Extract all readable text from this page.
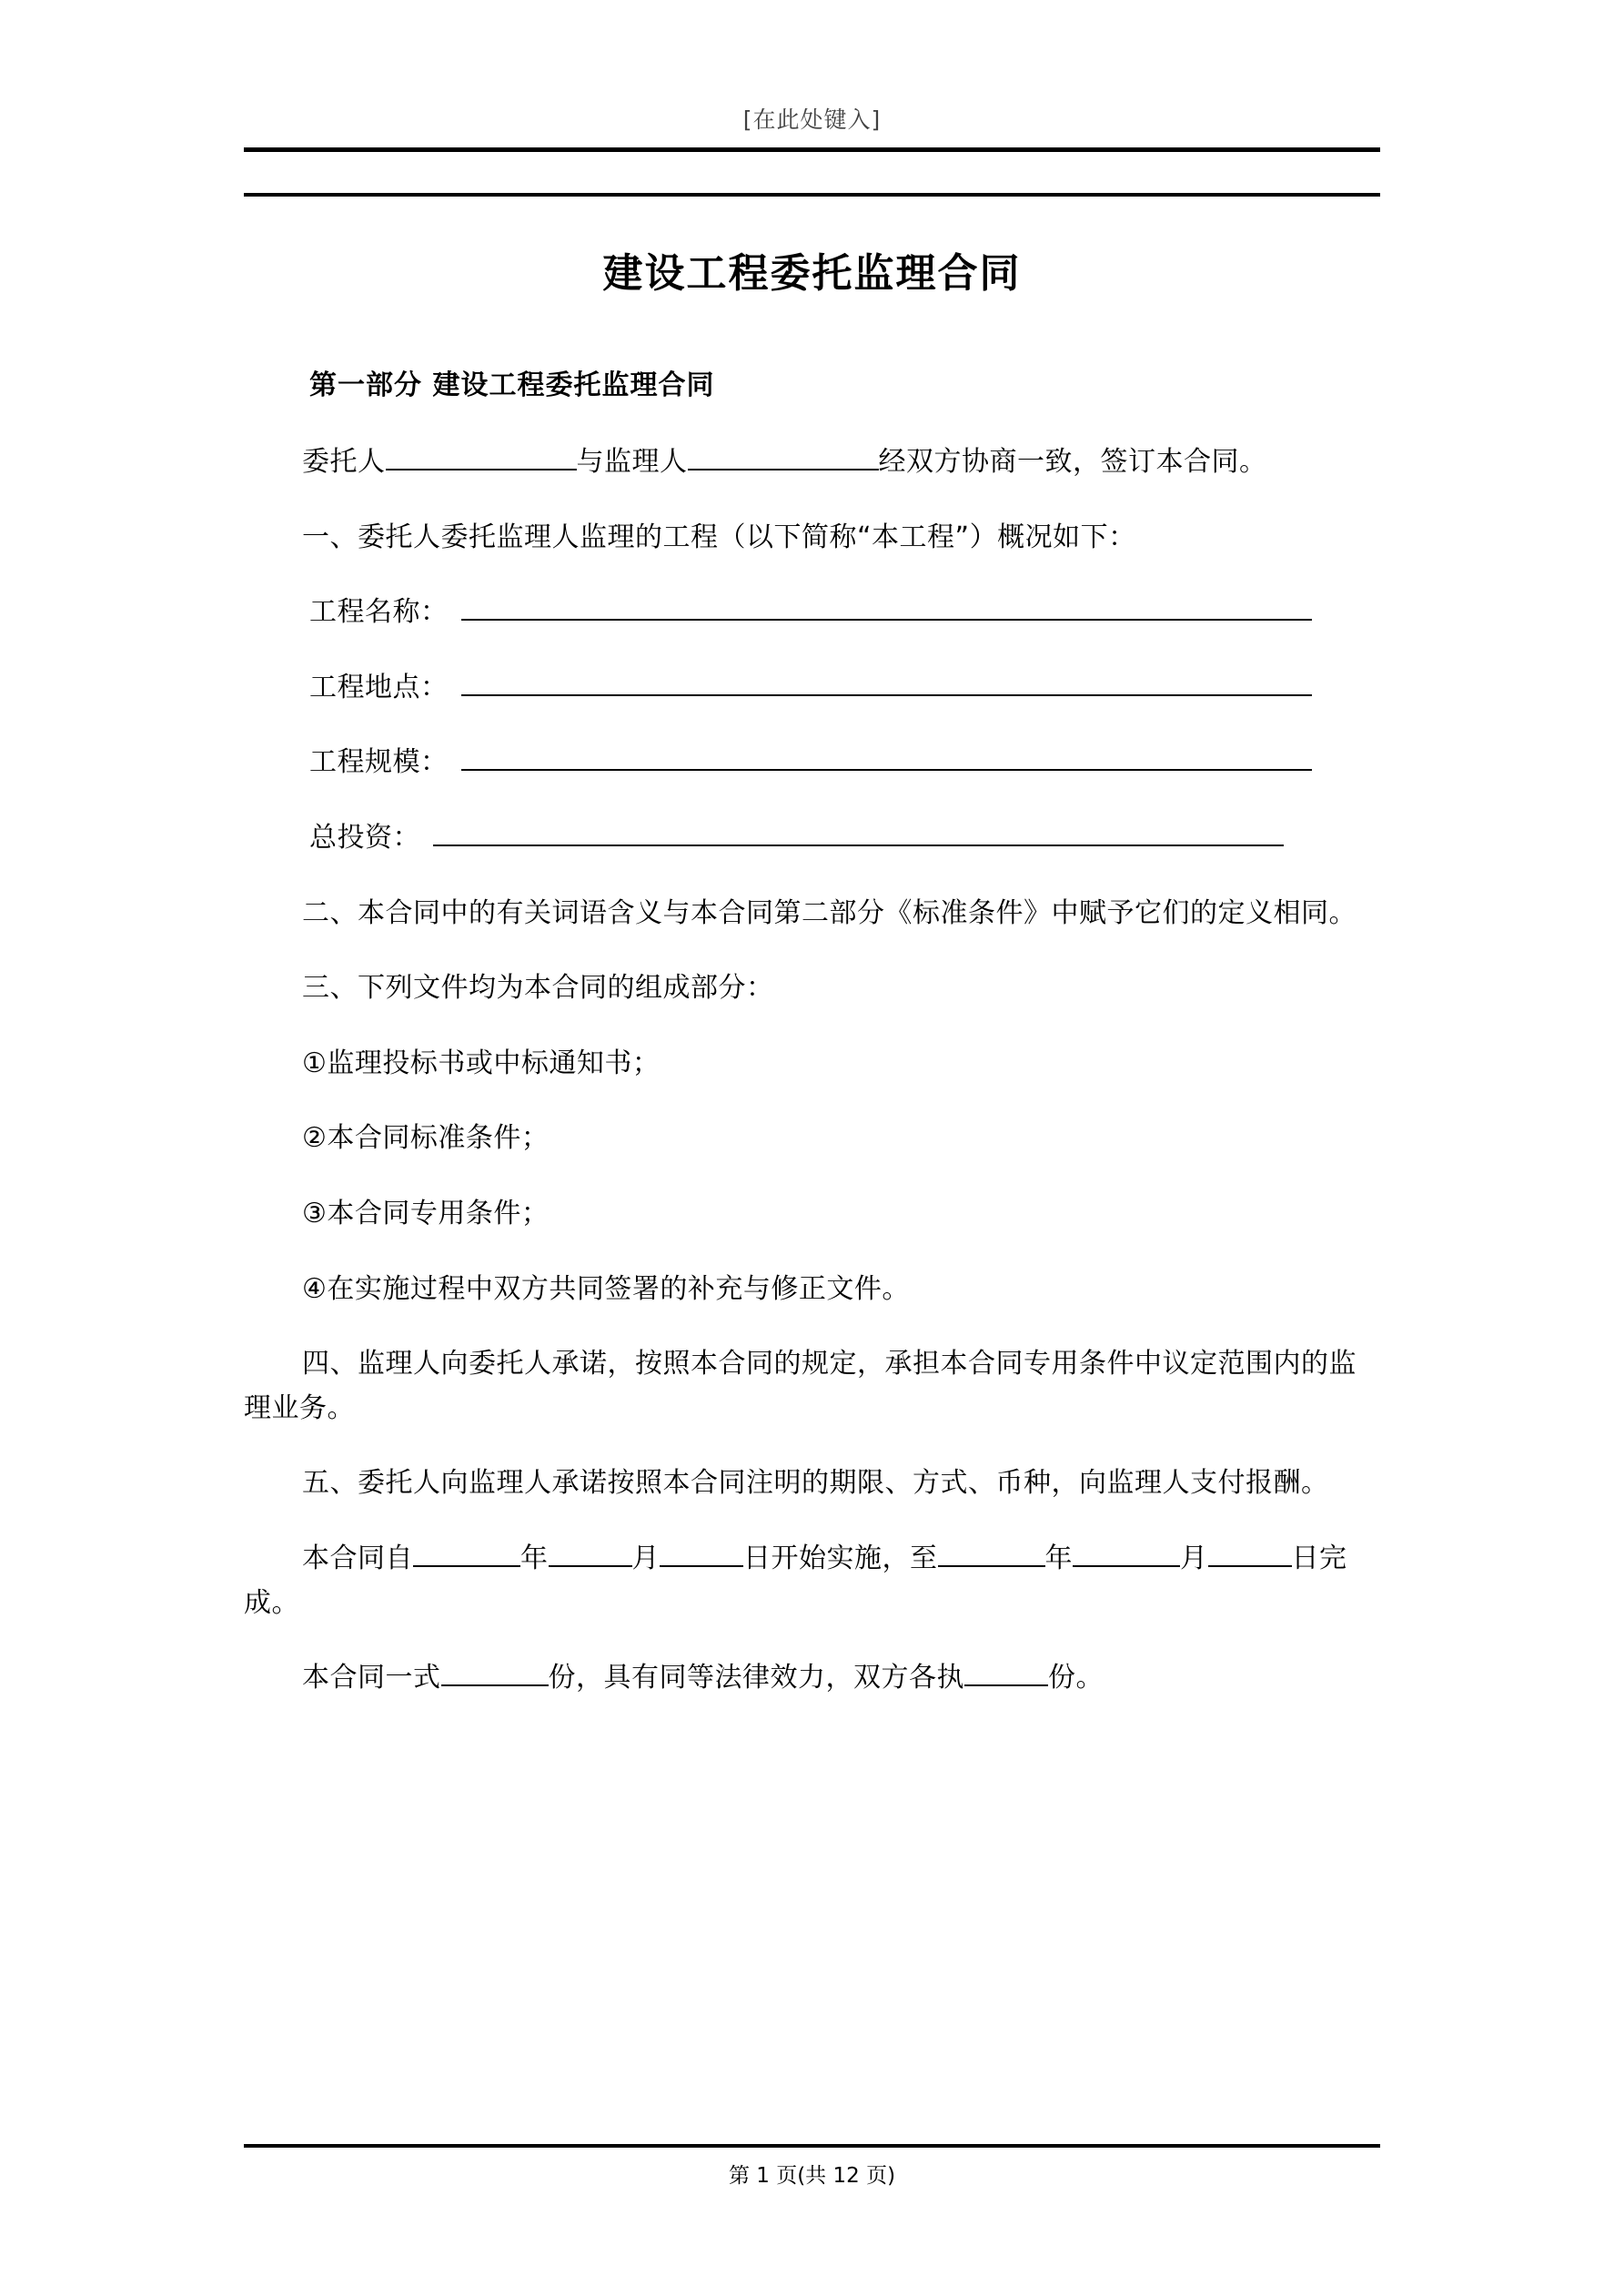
[在此处键入]
建设工程委托监理合同
第一部分 建设工程委托监理合同

委托人	与监理人	经双方协商一致，签订本合同。

一、委托人委托监理人监理的工程（以下简称“本工程”）概况如下：

工程名称：

工程地点：

工程规模：

总投资：

二、本合同中的有关词语含义与本合同第二部分《标准条件》中赋予它们的定义相同。

三、下列文件均为本合同的组成部分：

①监理投标书或中标通知书；

②本合同标准条件；

③本合同专用条件；

④在实施过程中双方共同签署的补充与修正文件。

四、监理人向委托人承诺，按照本合同的规定，承担本合同专用条件中议定范围内的监理业务。

五、委托人向监理人承诺按照本合同注明的期限、方式、币种，向监理人支付报酬。

本合同自	年	月	日开始实施，至	年	月	日完成。

本合同一式	份，具有同等法律效力，双方各执	份。

第 1 页(共 12 页)
